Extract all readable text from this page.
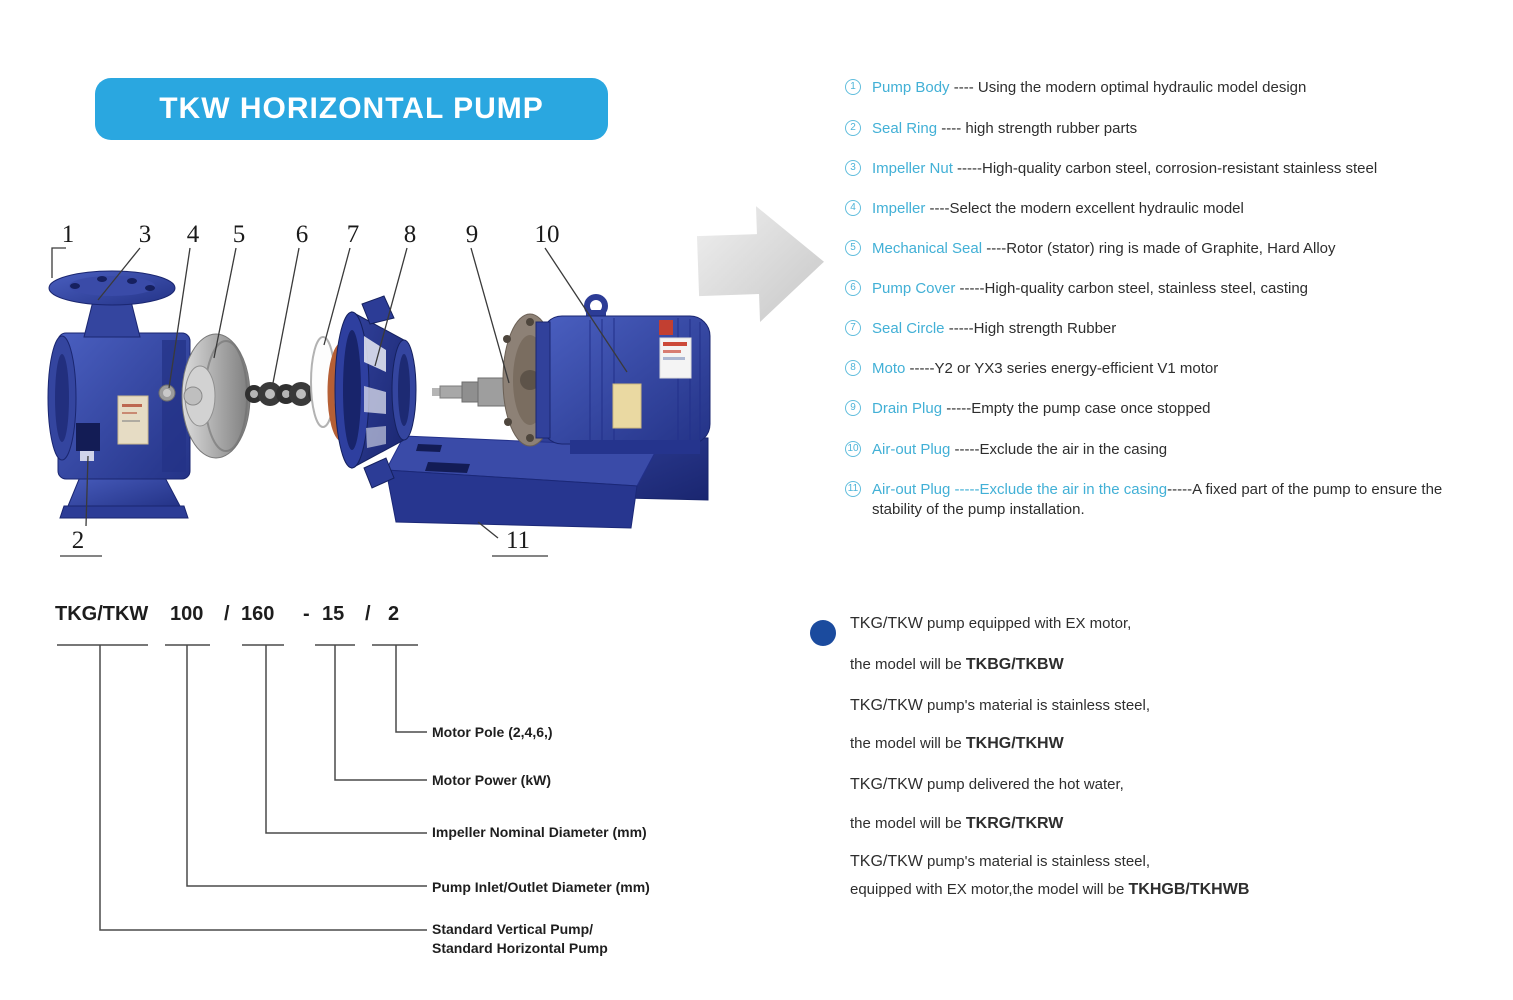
TKW HORIZONTAL PUMP
1	3 4 5 6 7 8 9 10
2	11
1	Pump Body ---- Using the modern optimal hydraulic model design
2	Seal Ring ---- high strength rubber parts
3	Impeller Nut -----High-quality carbon steel, corrosion-resistant stainless steel
4	Impeller ----Select the modern excellent hydraulic model
5	Mechanical Seal ----Rotor (stator) ring is made of Graphite, Hard Alloy
6	Pump Cover -----High-quality carbon steel, stainless steel, casting
7	Seal Circle -----High strength Rubber
8	Moto -----Y2 or YX3 series energy-efficient V1 motor
9	Drain Plug -----Empty the pump case once stopped
10 Air-out Plug -----Exclude the air in the casing
11 Air-out Plug -----Exclude the air in the casing-----A fixed part of the pump to ensure the stability of the pump installation.
TKG/TKW 100 / 160 - 15 / 2
Motor Pole (2,4,6,)
Motor Power (kW)
Impeller Nominal Diameter (mm)
Pump Inlet/Outlet Diameter (mm)
Standard Vertical Pump/
Standard Horizontal Pump
TKG/TKW pump equipped with EX motor,
the model will be TKBG/TKBW
TKG/TKW pump's material is stainless steel,
the model will be TKHG/TKHW
TKG/TKW pump delivered the hot water,
the model will be TKRG/TKRW
TKG/TKW pump's material is stainless steel,
equipped with EX motor,the model will be TKHGB/TKHWB
